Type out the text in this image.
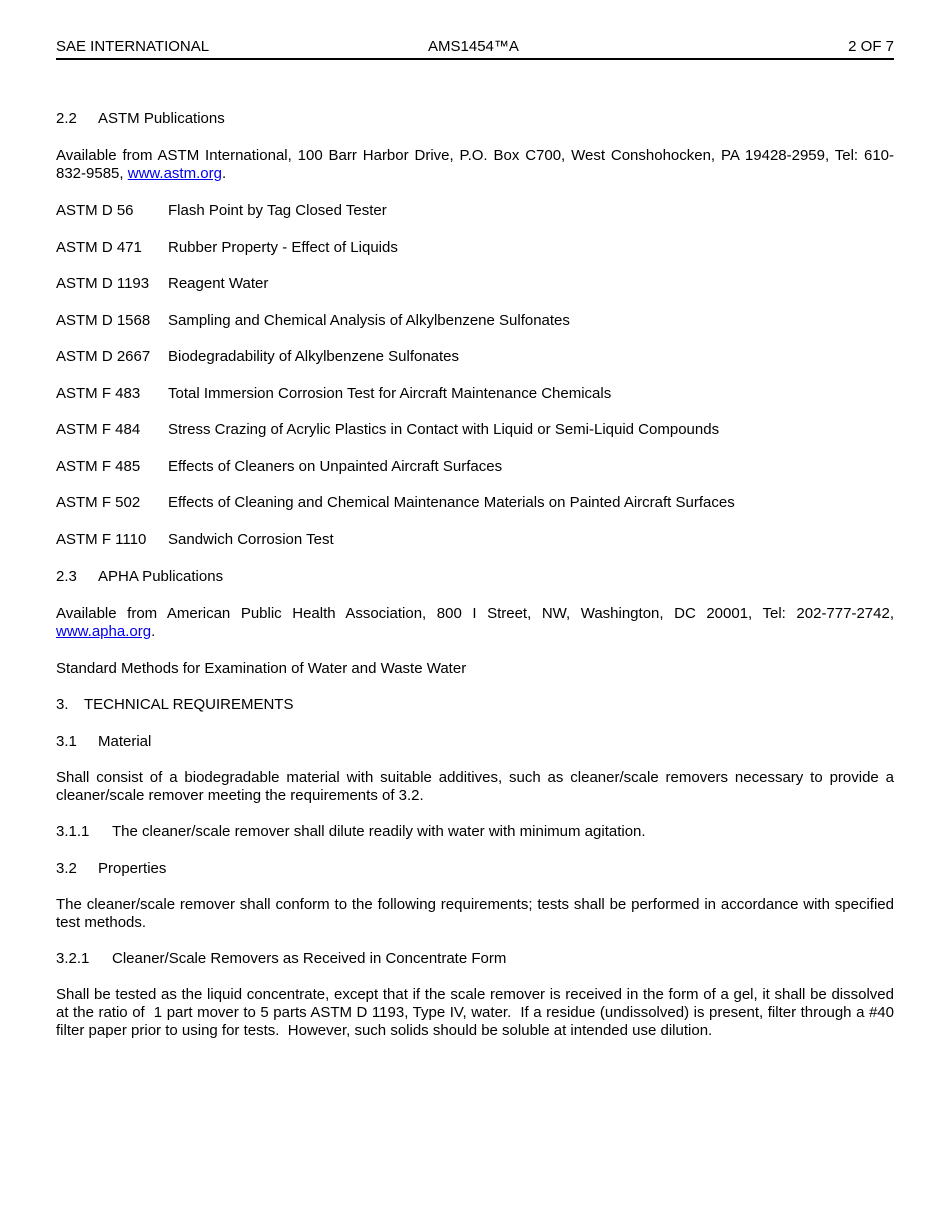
SAE INTERNATIONAL	AMS1454™A	2 OF 7

2.2 ASTM Publications

Available from ASTM International, 100 Barr Harbor Drive, P.O. Box C700, West Conshohocken, PA 19428-2959, Tel: 610-832-9585, www.astm.org.

ASTM D 56 Flash Point by Tag Closed Tester

ASTM D 471 Rubber Property - Effect of Liquids

ASTM D 1193 Reagent Water

ASTM D 1568 Sampling and Chemical Analysis of Alkylbenzene Sulfonates

ASTM D 2667 Biodegradability of Alkylbenzene Sulfonates

ASTM F 483 Total Immersion Corrosion Test for Aircraft Maintenance Chemicals

ASTM F 484 Stress Crazing of Acrylic Plastics in Contact with Liquid or Semi-Liquid Compounds

ASTM F 485 Effects of Cleaners on Unpainted Aircraft Surfaces

ASTM F 502 Effects of Cleaning and Chemical Maintenance Materials on Painted Aircraft Surfaces

ASTM F 1110 Sandwich Corrosion Test

2.3 APHA Publications

Available from American Public Health Association, 800 I Street, NW, Washington, DC 20001, Tel: 202-777-2742, www.apha.org.

Standard Methods for Examination of Water and Waste Water

3. TECHNICAL REQUIREMENTS

3.1 Material

Shall consist of a biodegradable material with suitable additives, such as cleaner/scale removers necessary to provide a cleaner/scale remover meeting the requirements of 3.2.

3.1.1 The cleaner/scale remover shall dilute readily with water with minimum agitation.

3.2 Properties

The cleaner/scale remover shall conform to the following requirements; tests shall be performed in accordance with specified test methods.

3.2.1 Cleaner/Scale Removers as Received in Concentrate Form

Shall be tested as the liquid concentrate, except that if the scale remover is received in the form of a gel, it shall be dissolved at the ratio of  1 part mover to 5 parts ASTM D 1193, Type IV, water.  If a residue (undissolved) is present, filter through a #40 filter paper prior to using for tests.  However, such solids should be soluble at intended use dilution.
